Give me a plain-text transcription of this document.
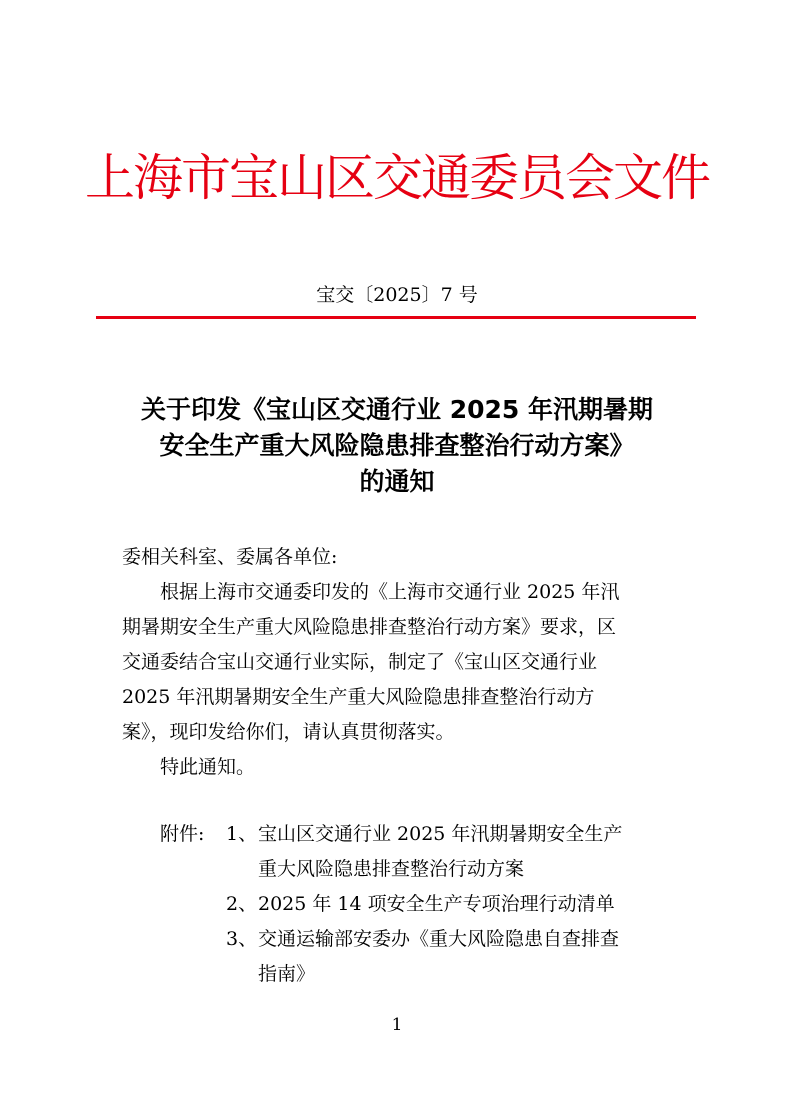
上海市宝山区交通委员会文件
宝交〔2025〕7 号
关于印发《宝山区交通行业 2025 年汛期暑期
安全生产重大风险隐患排查整治行动方案》
的通知
委相关科室、委属各单位:
根据上海市交通委印发的《上海市交通行业 2025 年汛
期暑期安全生产重大风险隐患排查整治行动方案》要求，区
交通委结合宝山交通行业实际，制定了《宝山区交通行业
2025 年汛期暑期安全生产重大风险隐患排查整治行动方
案》，现印发给你们，请认真贯彻落实。
特此通知。
附件:	1、 宝山区交通行业 2025 年汛期暑期安全生产
重大风险隐患排查整治行动方案
2、 2025 年 14 项安全生产专项治理行动清单
3、 交通运输部安委办《重大风险隐患自查排查
指南》
1
